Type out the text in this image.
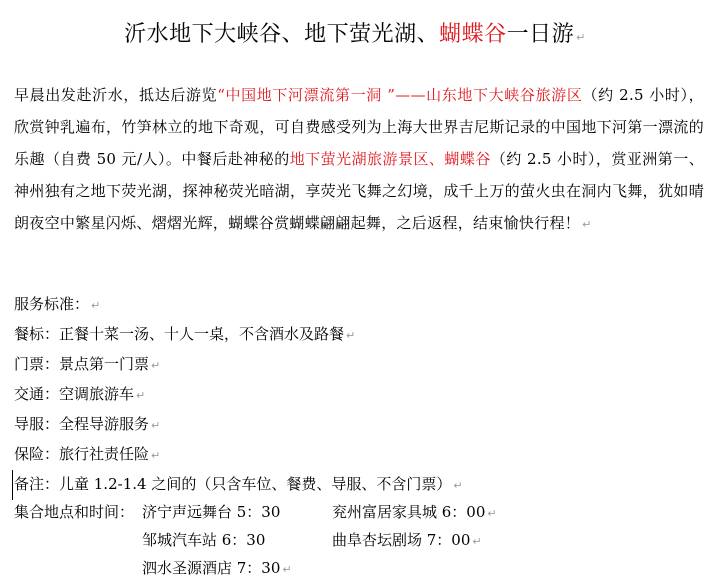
沂水地下大峡谷、地下萤光湖、蝴蝶谷一日游 ↵
早晨出发赴沂水，抵达后游览“中国地下河漂流第一洞 ”——山东地下大峡谷旅游区（约 2.5 小时），欣赏钟乳遍布，竹笋林立的地下奇观，可自费感受列为上海大世界吉尼斯记录的中国地下河第一漂流的乐趣（自费 50 元/人）。中餐后赴神秘的地下萤光湖旅游景区、蝴蝶谷（约 2.5 小时），赏亚洲第一、神州独有之地下荧光湖，探神秘荧光暗湖，享荧光飞舞之幻境，成千上万的萤火虫在洞内飞舞，犹如晴朗夜空中繁星闪烁、熠熠光辉，蝴蝶谷赏蝴蝶翩翩起舞，之后返程，结束愉快行程！ ↵
服务标准： ↵
餐标：正餐十菜一汤、十人一桌，不含酒水及路餐 ↵
门票：景点第一门票 ↵
交通：空调旅游车 ↵
导服：全程导游服务 ↵
保险：旅行社责任险 ↵
备注：儿童 1.2-1.4 之间的（只含车位、餐费、导服、不含门票） ↵
集合地点和时间： 济宁声远舞台 5：30	兖州富居家具城 6：00 ↵
邹城汽车站 6：30	曲阜杏坛剧场 7：00 ↵
泗水圣源酒店 7：30 ↵
